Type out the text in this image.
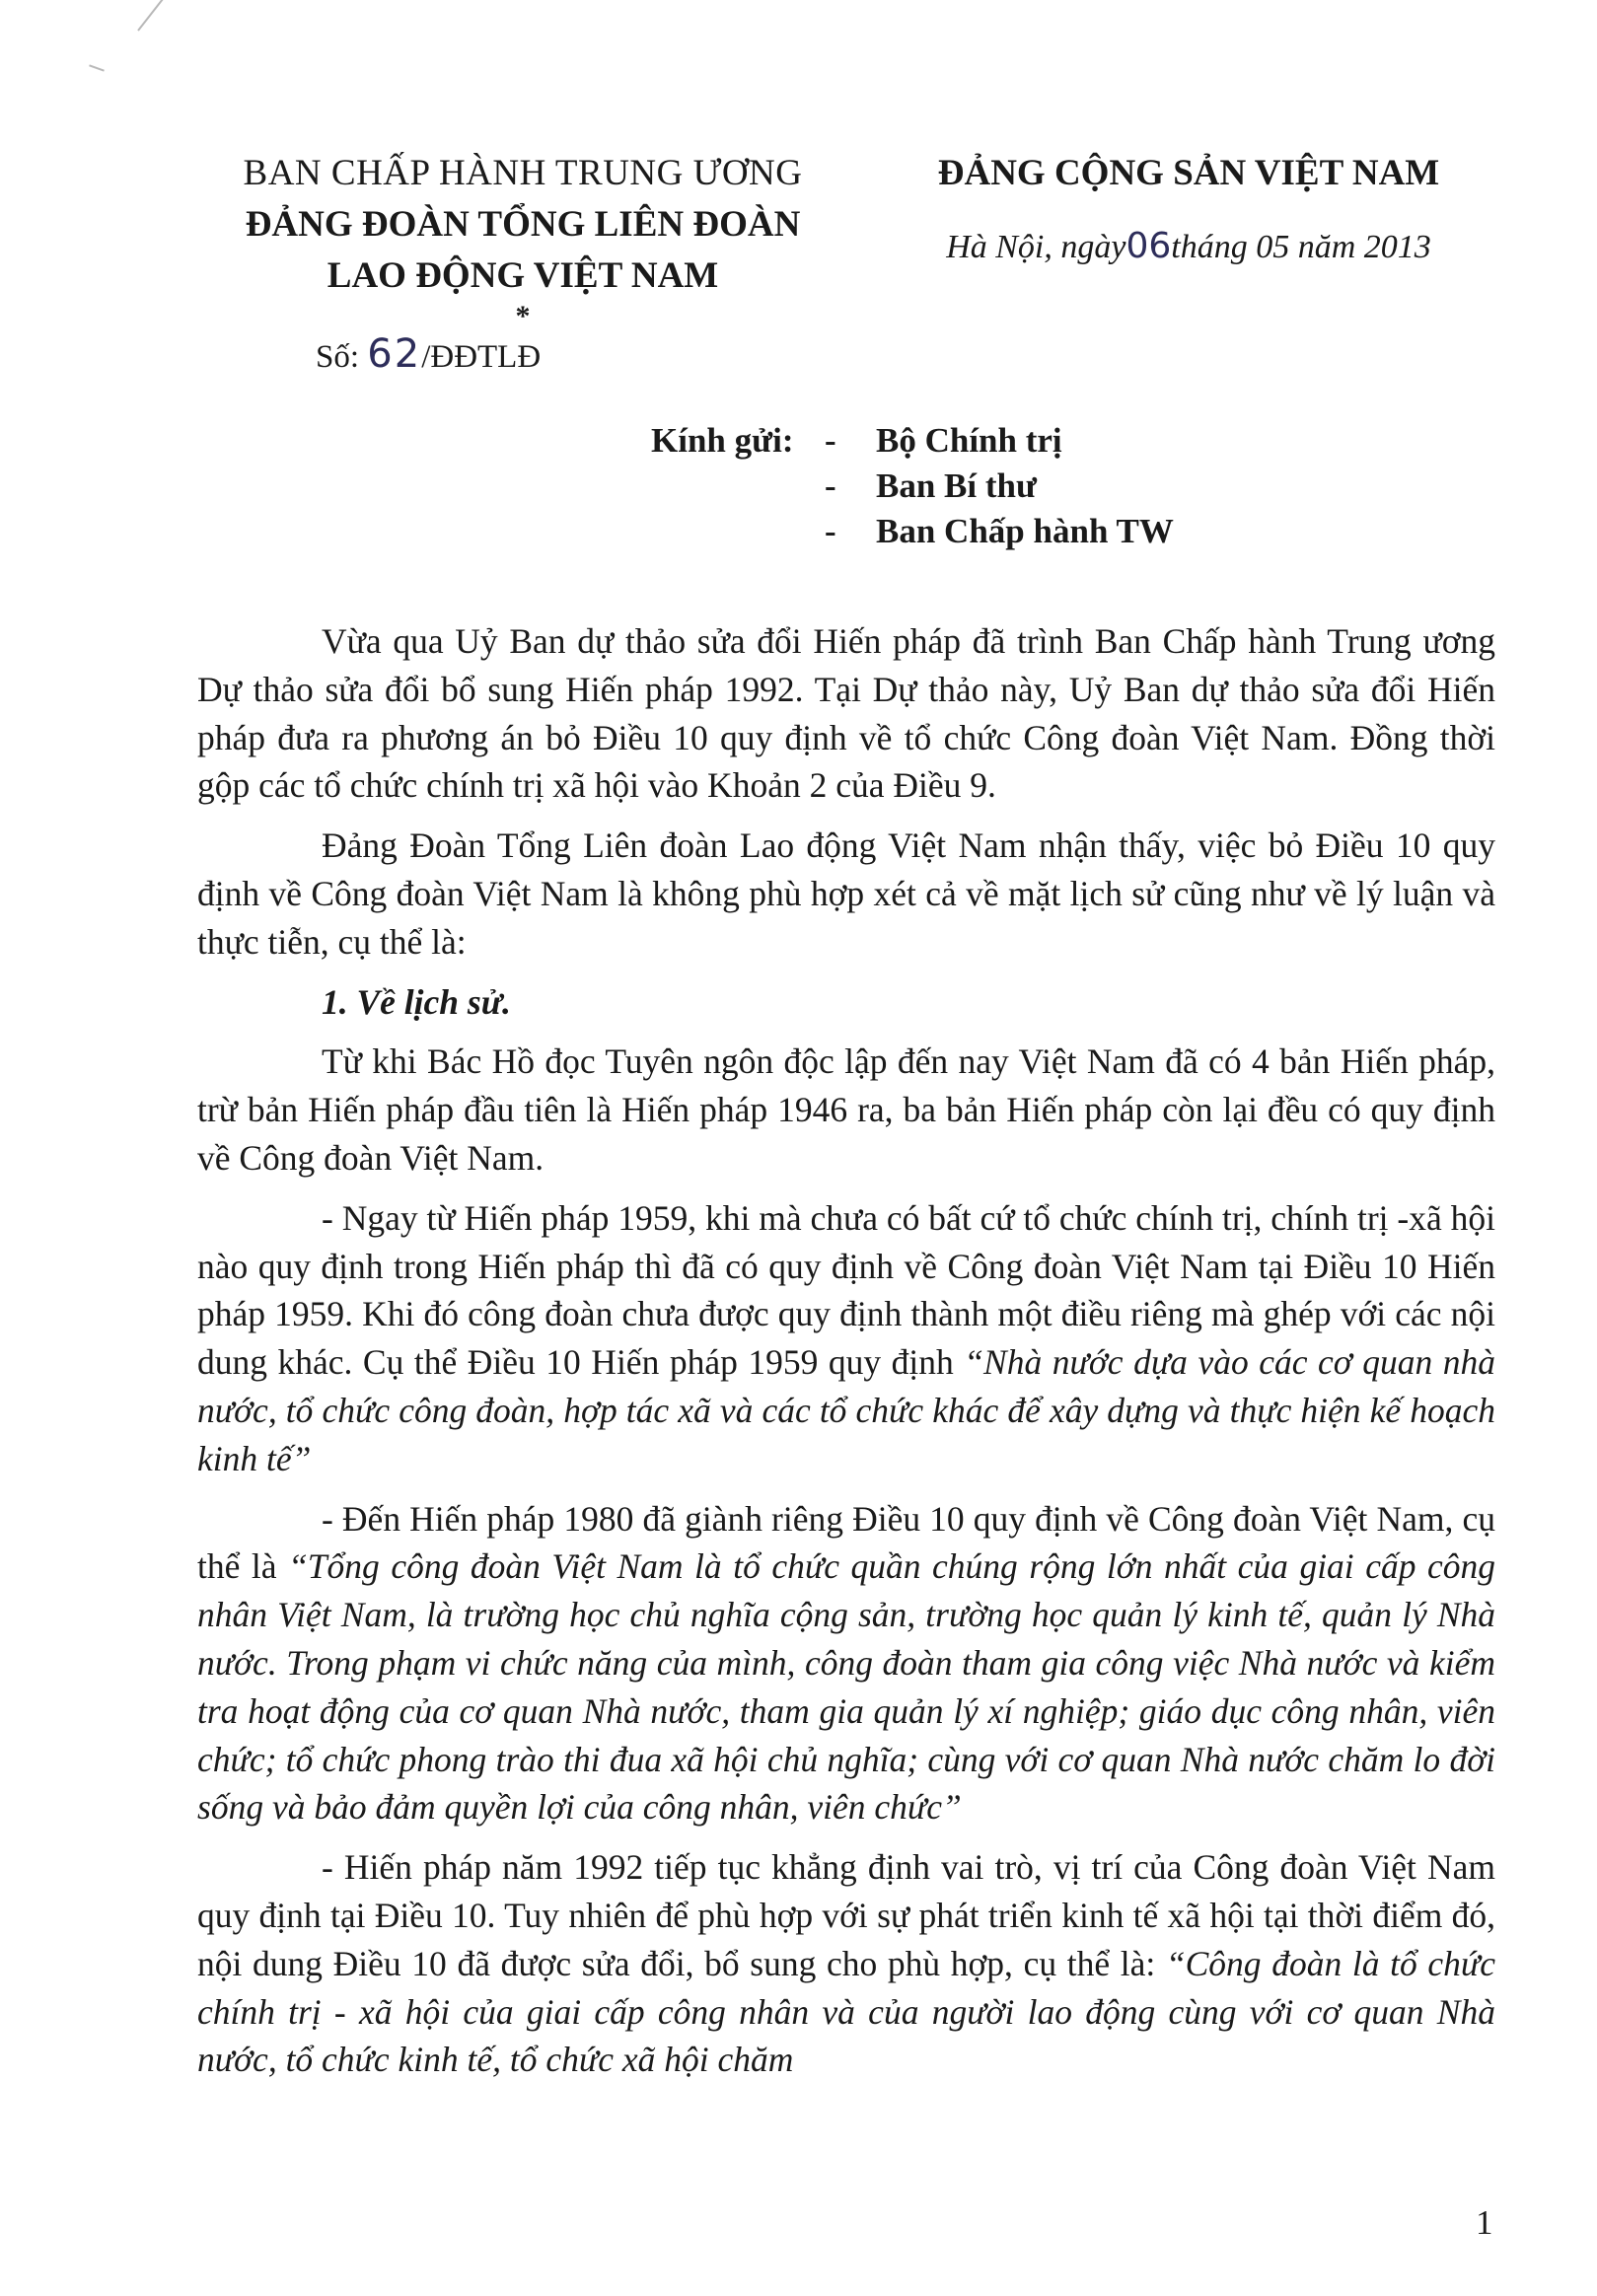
BAN CHẤP HÀNH TRUNG ƯƠNG
ĐẢNG ĐOÀN TỔNG LIÊN ĐOÀN
LAO ĐỘNG VIỆT NAM
*
Số: 62/ĐĐTLĐ
ĐẢNG CỘNG SẢN VIỆT NAM
Hà Nội, ngày06tháng 05 năm 2013
Kính gửi: - Bộ Chính trị
- Ban Bí thư
- Ban Chấp hành TW

Vừa qua Uỷ Ban dự thảo sửa đổi Hiến pháp đã trình Ban Chấp hành Trung ương Dự thảo sửa đổi bổ sung Hiến pháp 1992. Tại Dự thảo này, Uỷ Ban dự thảo sửa đổi Hiến pháp đưa ra phương án bỏ Điều 10 quy định về tổ chức Công đoàn Việt Nam. Đồng thời gộp các tổ chức chính trị xã hội vào Khoản 2 của Điều 9.

Đảng Đoàn Tổng Liên đoàn Lao động Việt Nam nhận thấy, việc bỏ Điều 10 quy định về Công đoàn Việt Nam là không phù hợp xét cả về mặt lịch sử cũng như về lý luận và thực tiễn, cụ thể là:

1. Về lịch sử.

Từ khi Bác Hồ đọc Tuyên ngôn độc lập đến nay Việt Nam đã có 4 bản Hiến pháp, trừ bản Hiến pháp đầu tiên là Hiến pháp 1946 ra, ba bản Hiến pháp còn lại đều có quy định về Công đoàn Việt Nam.

- Ngay từ Hiến pháp 1959, khi mà chưa có bất cứ tổ chức chính trị, chính trị -xã hội nào quy định trong Hiến pháp thì đã có quy định về Công đoàn Việt Nam tại Điều 10 Hiến pháp 1959. Khi đó công đoàn chưa được quy định thành một điều riêng mà ghép với các nội dung khác. Cụ thể Điều 10 Hiến pháp 1959 quy định “Nhà nước dựa vào các cơ quan nhà nước, tổ chức công đoàn, hợp tác xã và các tổ chức khác để xây dựng và thực hiện kế hoạch kinh tế”

- Đến Hiến pháp 1980 đã giành riêng Điều 10 quy định về Công đoàn Việt Nam, cụ thể là “Tổng công đoàn Việt Nam là tổ chức quần chúng rộng lớn nhất của giai cấp công nhân Việt Nam, là trường học chủ nghĩa cộng sản, trường học quản lý kinh tế, quản lý Nhà nước. Trong phạm vi chức năng của mình, công đoàn tham gia công việc Nhà nước và kiểm tra hoạt động của cơ quan Nhà nước, tham gia quản lý xí nghiệp; giáo dục công nhân, viên chức; tổ chức phong trào thi đua xã hội chủ nghĩa; cùng với cơ quan Nhà nước chăm lo đời sống và bảo đảm quyền lợi của công nhân, viên chức”

- Hiến pháp năm 1992 tiếp tục khẳng định vai trò, vị trí của Công đoàn Việt Nam quy định tại Điều 10. Tuy nhiên để phù hợp với sự phát triển kinh tế xã hội tại thời điểm đó, nội dung Điều 10 đã được sửa đổi, bổ sung cho phù hợp, cụ thể là: “Công đoàn là tổ chức chính trị - xã hội của giai cấp công nhân và của người lao động cùng với cơ quan Nhà nước, tổ chức kinh tế, tổ chức xã hội chăm

1
